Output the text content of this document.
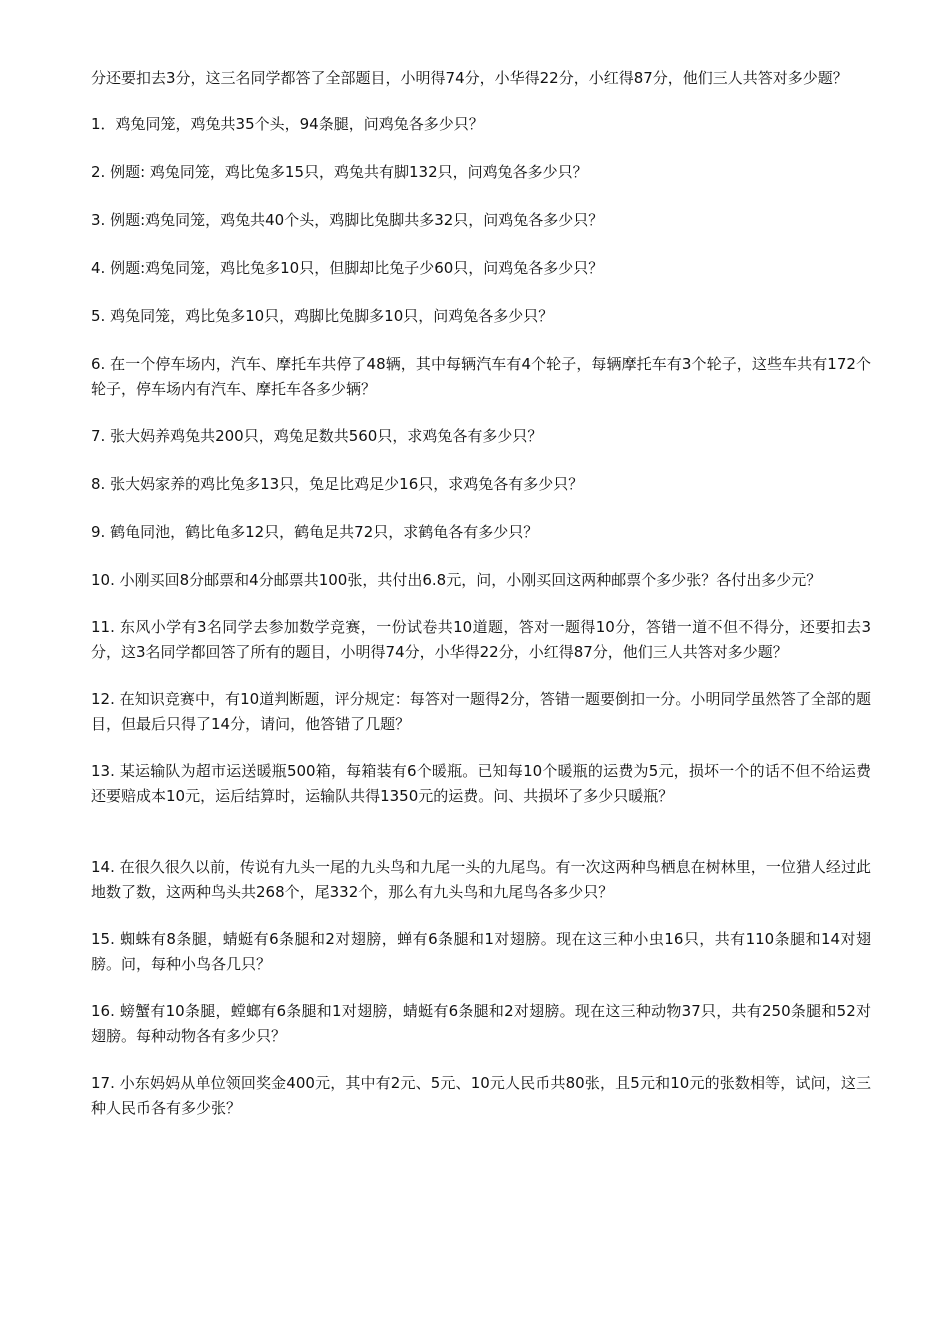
分还要扣去3分，这三名同学都答了全部题目，小明得74分，小华得22分，小红得87分，他们三人共答对多少题？

1．鸡兔同笼，鸡兔共35个头，94条腿，问鸡兔各多少只？

2. 例题: 鸡兔同笼，鸡比兔多15只，鸡兔共有脚132只，问鸡兔各多少只？

3. 例题:鸡兔同笼，鸡兔共40个头，鸡脚比兔脚共多32只，问鸡兔各多少只？

4. 例题:鸡兔同笼，鸡比兔多10只，但脚却比兔子少60只，问鸡兔各多少只？

5. 鸡兔同笼，鸡比兔多10只，鸡脚比兔脚多10只，问鸡兔各多少只？

6. 在一个停车场内，汽车、摩托车共停了48辆，其中每辆汽车有4个轮子，每辆摩托车有3个轮子，这些车共有172个轮子，停车场内有汽车、摩托车各多少辆？

7. 张大妈养鸡兔共200只，鸡兔足数共560只，求鸡兔各有多少只？

8. 张大妈家养的鸡比兔多13只，兔足比鸡足少16只，求鸡兔各有多少只？

9. 鹤龟同池，鹤比龟多12只，鹤龟足共72只，求鹤龟各有多少只？

10. 小刚买回8分邮票和4分邮票共100张，共付出6.8元，问，小刚买回这两种邮票个多少张？各付出多少元？

11. 东风小学有3名同学去参加数学竞赛，一份试卷共10道题，答对一题得10分，答错一道不但不得分，还要扣去3分，这3名同学都回答了所有的题目，小明得74分，小华得22分，小红得87分，他们三人共答对多少题？

12. 在知识竞赛中，有10道判断题，评分规定：每答对一题得2分，答错一题要倒扣一分。小明同学虽然答了全部的题目，但最后只得了14分，请问，他答错了几题？

13. 某运输队为超市运送暖瓶500箱，每箱装有6个暖瓶。已知每10个暖瓶的运费为5元，损坏一个的话不但不给运费还要赔成本10元，运后结算时，运输队共得1350元的运费。问、共损坏了多少只暖瓶？

14. 在很久很久以前，传说有九头一尾的九头鸟和九尾一头的九尾鸟。有一次这两种鸟栖息在树林里，一位猎人经过此地数了数，这两种鸟头共268个，尾332个，那么有九头鸟和九尾鸟各多少只？

15. 蜘蛛有8条腿，蜻蜓有6条腿和2对翅膀，蝉有6条腿和1对翅膀。现在这三种小虫16只，共有110条腿和14对翅膀。问，每种小鸟各几只？

16. 螃蟹有10条腿，螳螂有6条腿和1对翅膀，蜻蜓有6条腿和2对翅膀。现在这三种动物37只，共有250条腿和52对翅膀。每种动物各有多少只？

17. 小东妈妈从单位领回奖金400元，其中有2元、5元、10元人民币共80张，且5元和10元的张数相等，试问，这三种人民币各有多少张？
